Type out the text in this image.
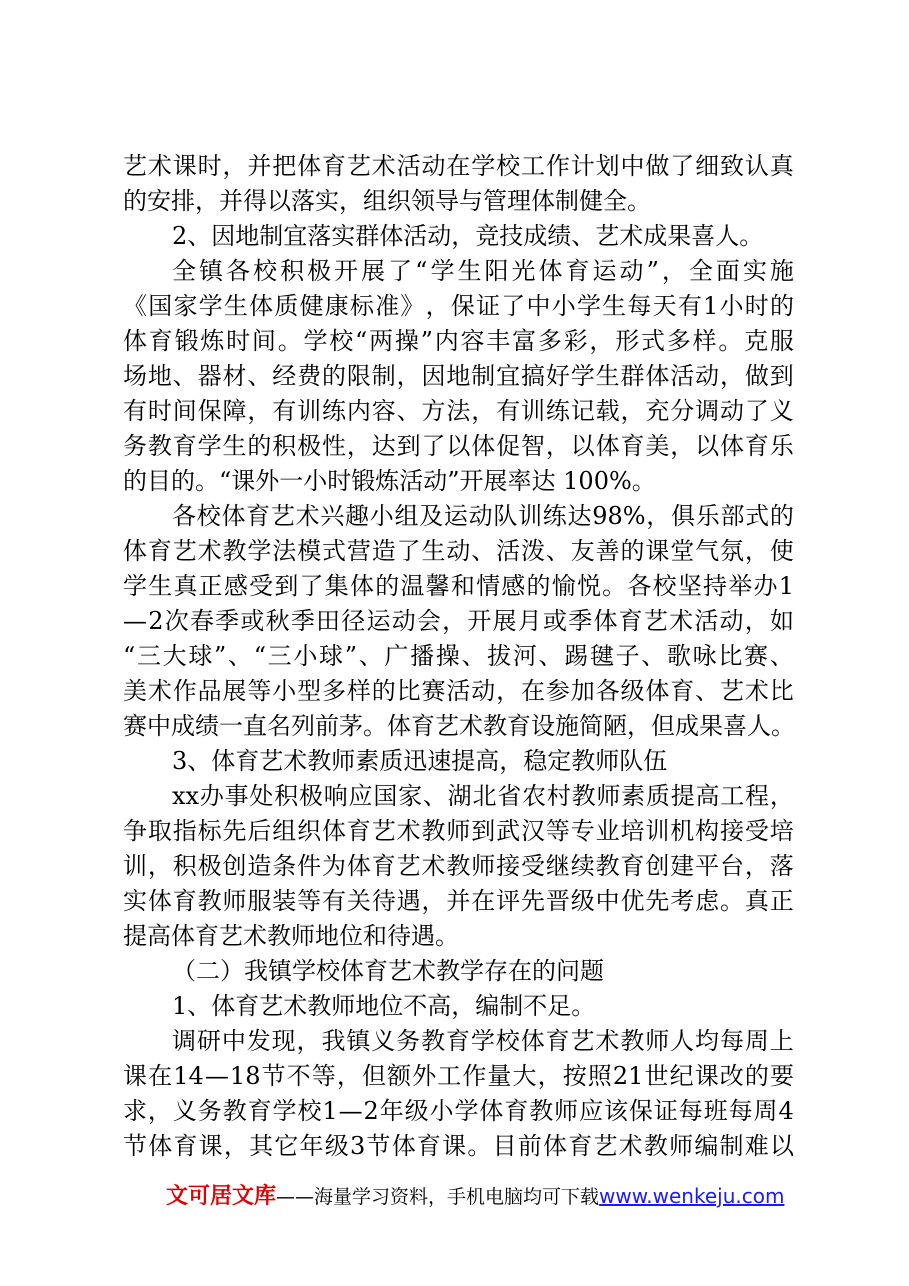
艺 术 课 时 ， 并 把 体 育 艺 术 活 动 在 学 校 工 作 计 划 中 做 了 细 致 认 真
的安排，并得以落实，组织领导与管理体制健全。
2、因地制宜落实群体活动，竞技成绩、艺术成果喜人。
全 镇 各 校 积 极 开 展 了 “ 学 生 阳 光 体 育 运 动 ” ， 全 面 实 施
《 国 家 学 生 体 质 健 康 标 准 》 ， 保 证 了 中 小 学 生 每 天 有 1 小 时 的
体 育 锻 炼 时 间 。 学 校 “ 两 操 ” 内 容 丰 富 多 彩 ， 形 式 多 样 。 克 服
场 地 、 器 材 、 经 费 的 限 制 ， 因 地 制 宜 搞 好 学 生 群 体 活 动 ， 做 到
有 时 间 保 障 ， 有 训 练 内 容 、 方 法 ， 有 训 练 记 载 ， 充 分 调 动 了 义
务 教 育 学 生 的 积 极 性 ， 达 到 了 以 体 促 智 ， 以 体 育 美 ， 以 体 育 乐
的目的。“课外一小时锻炼活动”开展率达 100%。
各 校 体 育 艺 术 兴 趣 小 组 及 运 动 队 训 练 达 98% ， 俱 乐 部 式 的
体 育 艺 术 教 学 法 模 式 营 造 了 生 动 、 活 泼 、 友 善 的 课 堂 气 氛 ， 使
学 生 真 正 感 受 到 了 集 体 的 温 馨 和 情 感 的 愉 悦 。 各 校 坚 持 举 办 1
— 2 次 春 季 或 秋 季 田 径 运 动 会 ， 开 展 月 或 季 体 育 艺 术 活 动 ， 如
“ 三 大 球 ” 、 “ 三 小 球 ” 、 广 播 操 、 拔 河 、 踢 毽 子 、 歌 咏 比 赛 、
美 术 作 品 展 等 小 型 多 样 的 比 赛 活 动 ， 在 参 加 各 级 体 育 、 艺 术 比
赛 中 成 绩 一 直 名 列 前 茅 。 体 育 艺 术 教 育 设 施 简 陋 ， 但 成 果 喜 人 。
3、体育艺术教师素质迅速提高，稳定教师队伍
xx 办 事 处 积 极 响 应 国 家 、 湖 北 省 农 村 教 师 素 质 提 高 工 程 ，
争 取 指 标 先 后 组 织 体 育 艺 术 教 师 到 武 汉 等 专 业 培 训 机 构 接 受 培
训 ， 积 极 创 造 条 件 为 体 育 艺 术 教 师 接 受 继 续 教 育 创 建 平 台 ， 落
实 体 育 教 师 服 装 等 有 关 待 遇 ， 并 在 评 先 晋 级 中 优 先 考 虑 。 真 正
提高体育艺术教师地位和待遇。
（二）我镇学校体育艺术教学存在的问题
1、体育艺术教师地位不高，编制不足。
调 研 中 发 现 ， 我 镇 义 务 教 育 学 校 体 育 艺 术 教 师 人 均 每 周 上
课 在 14 — 18 节 不 等 ， 但 额 外 工 作 量 大 ， 按 照 21 世 纪 课 改 的 要
求 ， 义 务 教 育 学 校 1 — 2 年 级 小 学 体 育 教 师 应 该 保 证 每 班 每 周 4
节 体 育 课 ， 其 它 年 级 3 节 体 育 课 。 目 前 体 育 艺 术 教 师 编 制 难 以
文可居文库——海量学习资料，手机电脑均可下载www.wenkeju.com
